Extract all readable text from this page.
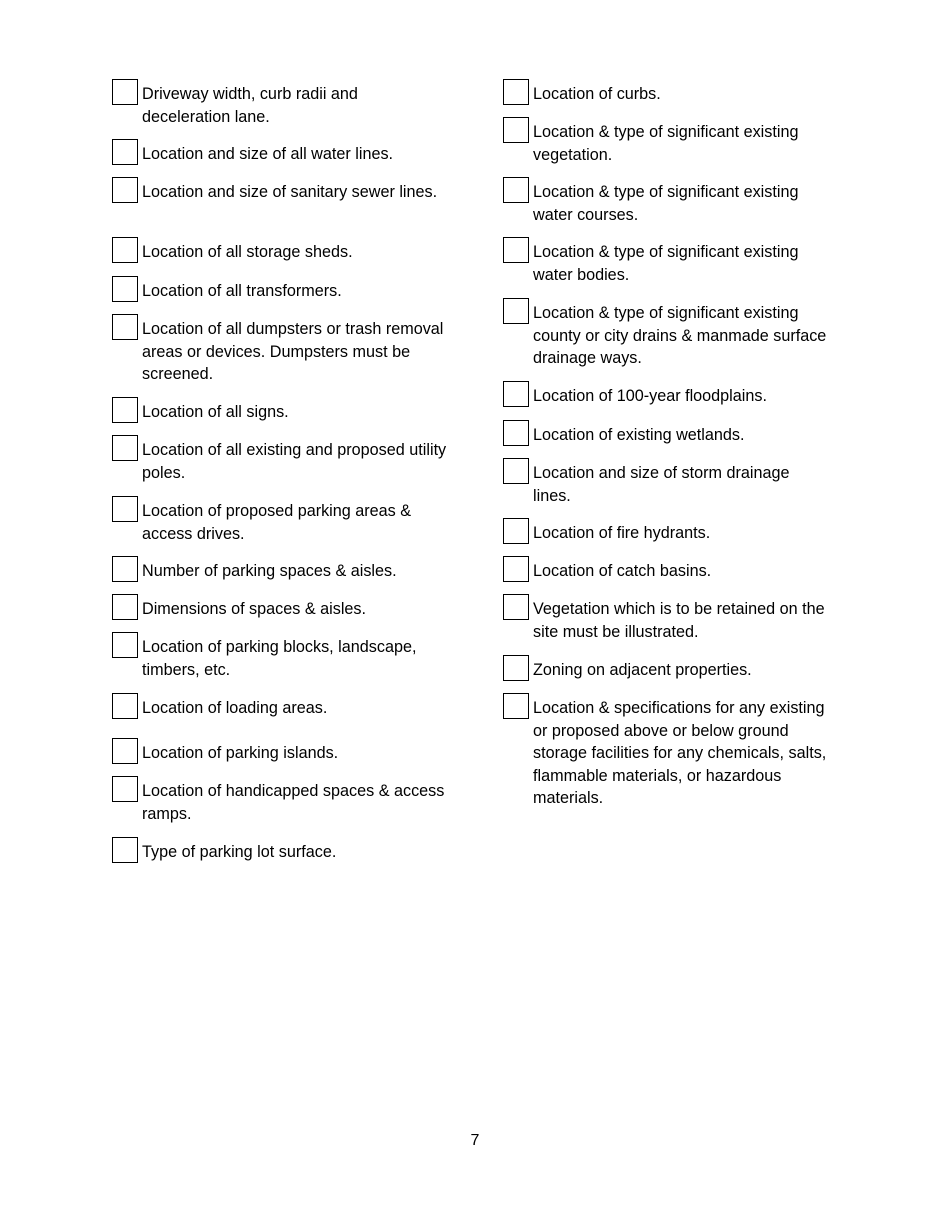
Driveway width, curb radii and deceleration lane.
Location and size of all water lines.
Location and size of sanitary sewer lines.
Location of all storage sheds.
Location of all transformers.
Location of all dumpsters or trash removal areas or devices. Dumpsters must be screened.
Location of all signs.
Location of all existing and proposed utility poles.
Location of proposed parking areas & access drives.
Number of parking spaces & aisles.
Dimensions of spaces & aisles.
Location of parking blocks, landscape, timbers, etc.
Location of loading areas.
Location of parking islands.
Location of handicapped spaces & access ramps.
Type of parking lot surface.
Location of curbs.
Location & type of significant existing vegetation.
Location & type of significant existing water courses.
Location & type of significant existing water bodies.
Location & type of significant existing county or city drains & manmade surface drainage ways.
Location of 100-year floodplains.
Location of existing wetlands.
Location and size of storm drainage lines.
Location of fire hydrants.
Location of catch basins.
Vegetation which is to be retained on the site must be illustrated.
Zoning on adjacent properties.
Location & specifications for any existing or proposed above or below ground storage facilities for any chemicals, salts, flammable materials, or hazardous materials.
7
